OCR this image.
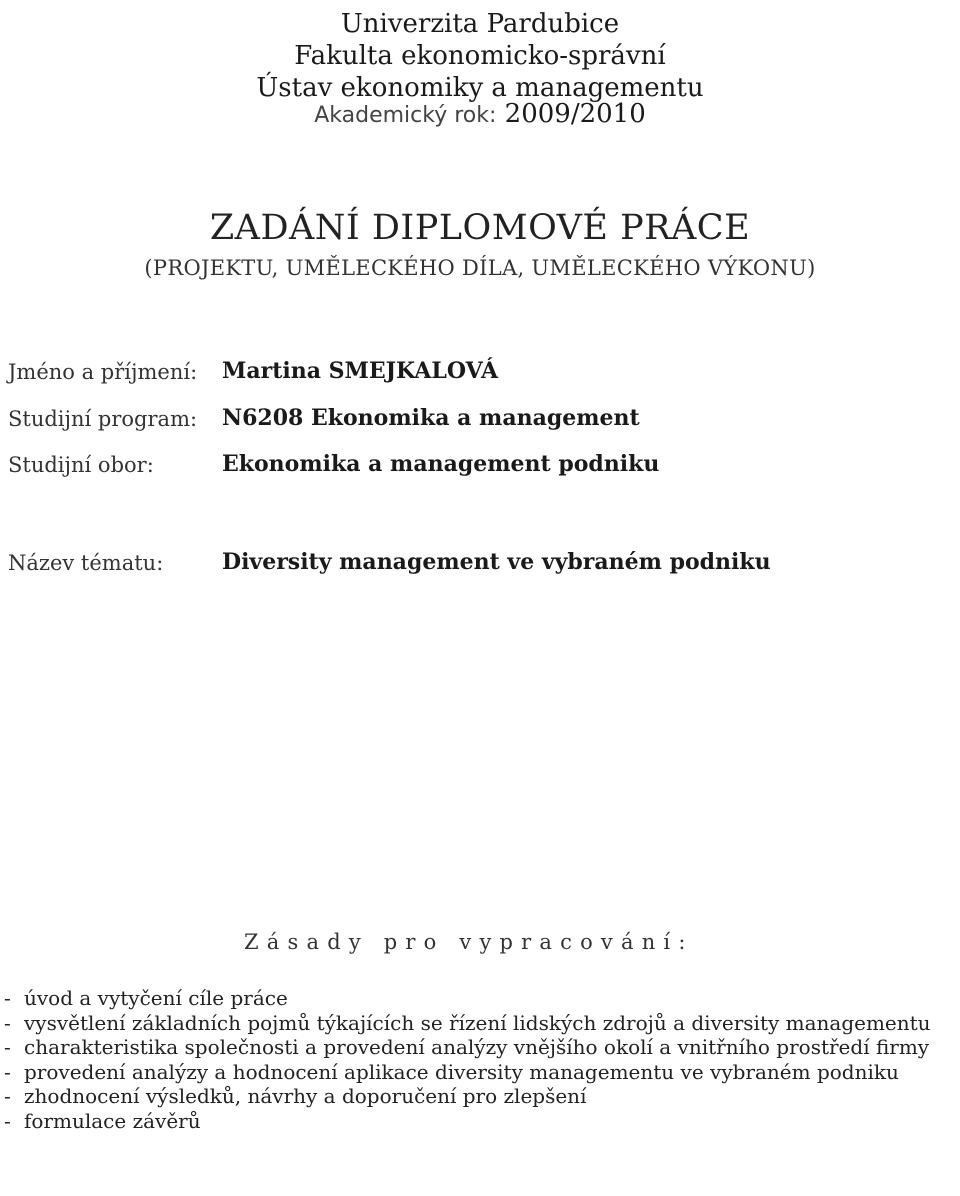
Univerzita Pardubice
Fakulta ekonomicko-správní
Ústav ekonomiky a managementu
Akademický rok: 2009/2010
ZADÁNÍ DIPLOMOVÉ PRÁCE
(PROJEKTU, UMĚLECKÉHO DÍLA, UMĚLECKÉHO VÝKONU)
Jméno a příjmení: Martina SMEJKALOVÁ
Studijní program: N6208 Ekonomika a management
Studijní obor:	Ekonomika a management podniku
Název tématu:	Diversity management ve vybraném podniku
Zásady pro vypracování:
- úvod a vytyčení cíle práce
- vysvětlení základních pojmů týkajících se řízení lidských zdrojů a diversity managementu
- charakteristika společnosti a provedení analýzy vnějšího okolí a vnitřního prostředí firmy
- provedení analýzy a hodnocení aplikace diversity managementu ve vybraném podniku
- zhodnocení výsledků, návrhy a doporučení pro zlepšení
- formulace závěrů
